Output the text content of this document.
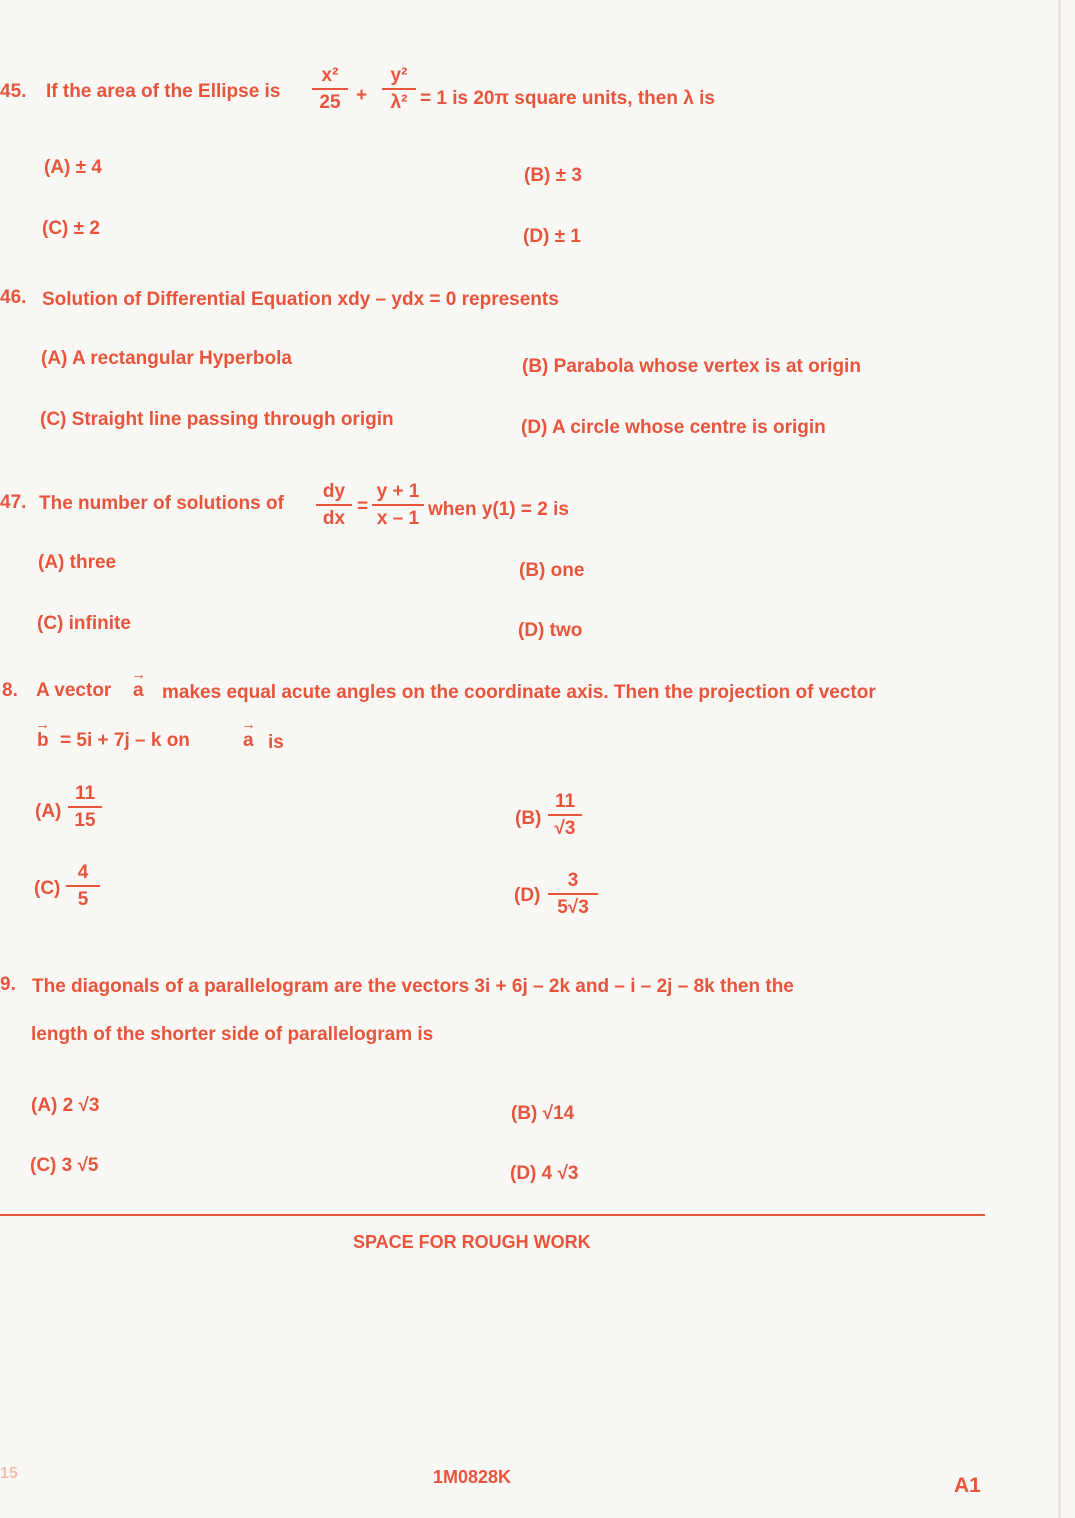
45. If the area of the Ellipse is
x²
25 +
y²
λ² = 1 is 20π square units, then λ is
(A) ± 4	(B) ± 3
(C) ± 2	(D) ± 1
46. Solution of Differential Equation xdy – ydx = 0 represents
(A) A rectangular Hyperbola	(B) Parabola whose vertex is at origin
(C) Straight line passing through origin	(D) A circle whose centre is origin
47. The number of solutions of
dy
dx
=
y + 1
x – 1 when y(1) = 2 is
(A) three	(B) one
(C) infinite	(D) two
8. A vector
→
a makes equal acute angles on the coordinate axis. Then the projection of vector
→
b = 5i + 7j – k on
→
a is
(A)
11
15	(B)
11
√3
(C)
4
5	(D)
3
5√3
9. The diagonals of a parallelogram are the vectors 3i + 6j – 2k and – i – 2j – 8k then the
length of the shorter side of parallelogram is
(A) 2 √3	(B) √14
(C) 3 √5	(D) 4 √3
SPACE FOR ROUGH WORK
15	1M0828K	A1
